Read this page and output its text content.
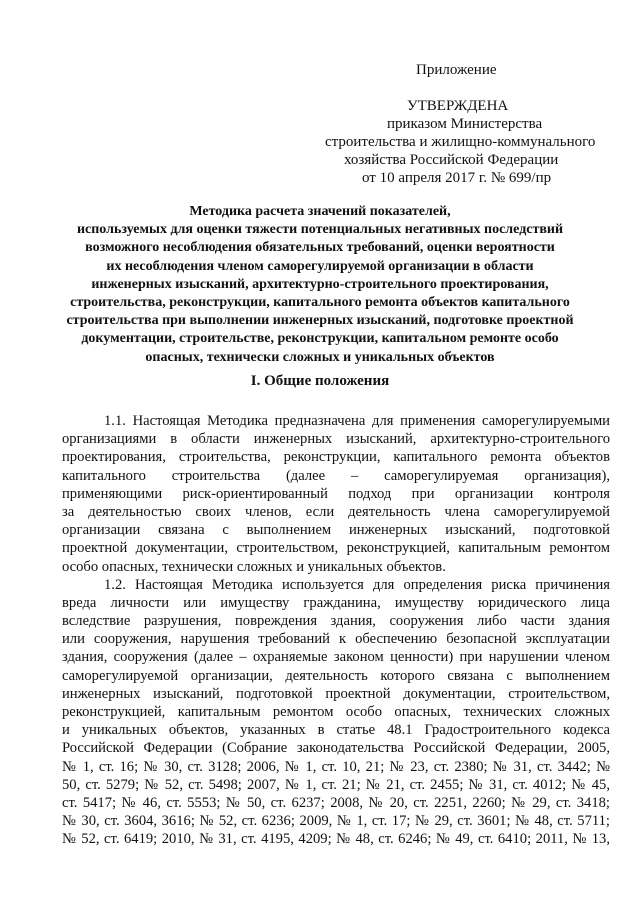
Приложение
УТВЕРЖДЕНА
приказом Министерства
строительства и жилищно-коммунального
хозяйства Российской Федерации
от 10 апреля 2017 г. № 699/пр
Методика расчета значений показателей,
используемых для оценки тяжести потенциальных негативных последствий
возможного несоблюдения обязательных требований, оценки вероятности
их несоблюдения членом саморегулируемой организации в области
инженерных изысканий, архитектурно-строительного проектирования,
строительства, реконструкции, капитального ремонта объектов капитального
строительства при выполнении инженерных изысканий, подготовке проектной
документации, строительстве, реконструкции, капитальном ремонте особо
опасных, технически сложных и уникальных объектов
I. Общие положения
1.1. Настоящая Методика предназначена для применения саморегулируемыми
организациями в области инженерных изысканий, архитектурно-строительного
проектирования, строительства, реконструкции, капитального ремонта объектов
капитального строительства (далее – саморегулируемая организация),
применяющими риск-ориентированный подход при организации контроля
за деятельностью своих членов, если деятельность члена саморегулируемой
организации связана с выполнением инженерных изысканий, подготовкой
проектной документации, строительством, реконструкцией, капитальным ремонтом
особо опасных, технически сложных и уникальных объектов.
1.2. Настоящая Методика используется для определения риска причинения
вреда личности или имуществу гражданина, имуществу юридического лица
вследствие разрушения, повреждения здания, сооружения либо части здания
или сооружения, нарушения требований к обеспечению безопасной эксплуатации
здания, сооружения (далее – охраняемые законом ценности) при нарушении членом
саморегулируемой организации, деятельность которого связана с выполнением
инженерных изысканий, подготовкой проектной документации, строительством,
реконструкцией, капитальным ремонтом особо опасных, технических сложных
и уникальных объектов, указанных в статье 48.1 Градостроительного кодекса
Российской Федерации (Собрание законодательства Российской Федерации, 2005,
№ 1, ст. 16; № 30, ст. 3128; 2006, № 1, ст. 10, 21; № 23, ст. 2380; № 31, ст. 3442; №
50, ст. 5279; № 52, ст. 5498; 2007, № 1, ст. 21; № 21, ст. 2455; № 31, ст. 4012; № 45,
ст. 5417; № 46, ст. 5553; № 50, ст. 6237; 2008, № 20, ст. 2251, 2260; № 29, ст. 3418;
№ 30, ст. 3604, 3616; № 52, ст. 6236; 2009, № 1, ст. 17; № 29, ст. 3601; № 48, ст. 5711;
№ 52, ст. 6419; 2010, № 31, ст. 4195, 4209; № 48, ст. 6246; № 49, ст. 6410; 2011, № 13,
